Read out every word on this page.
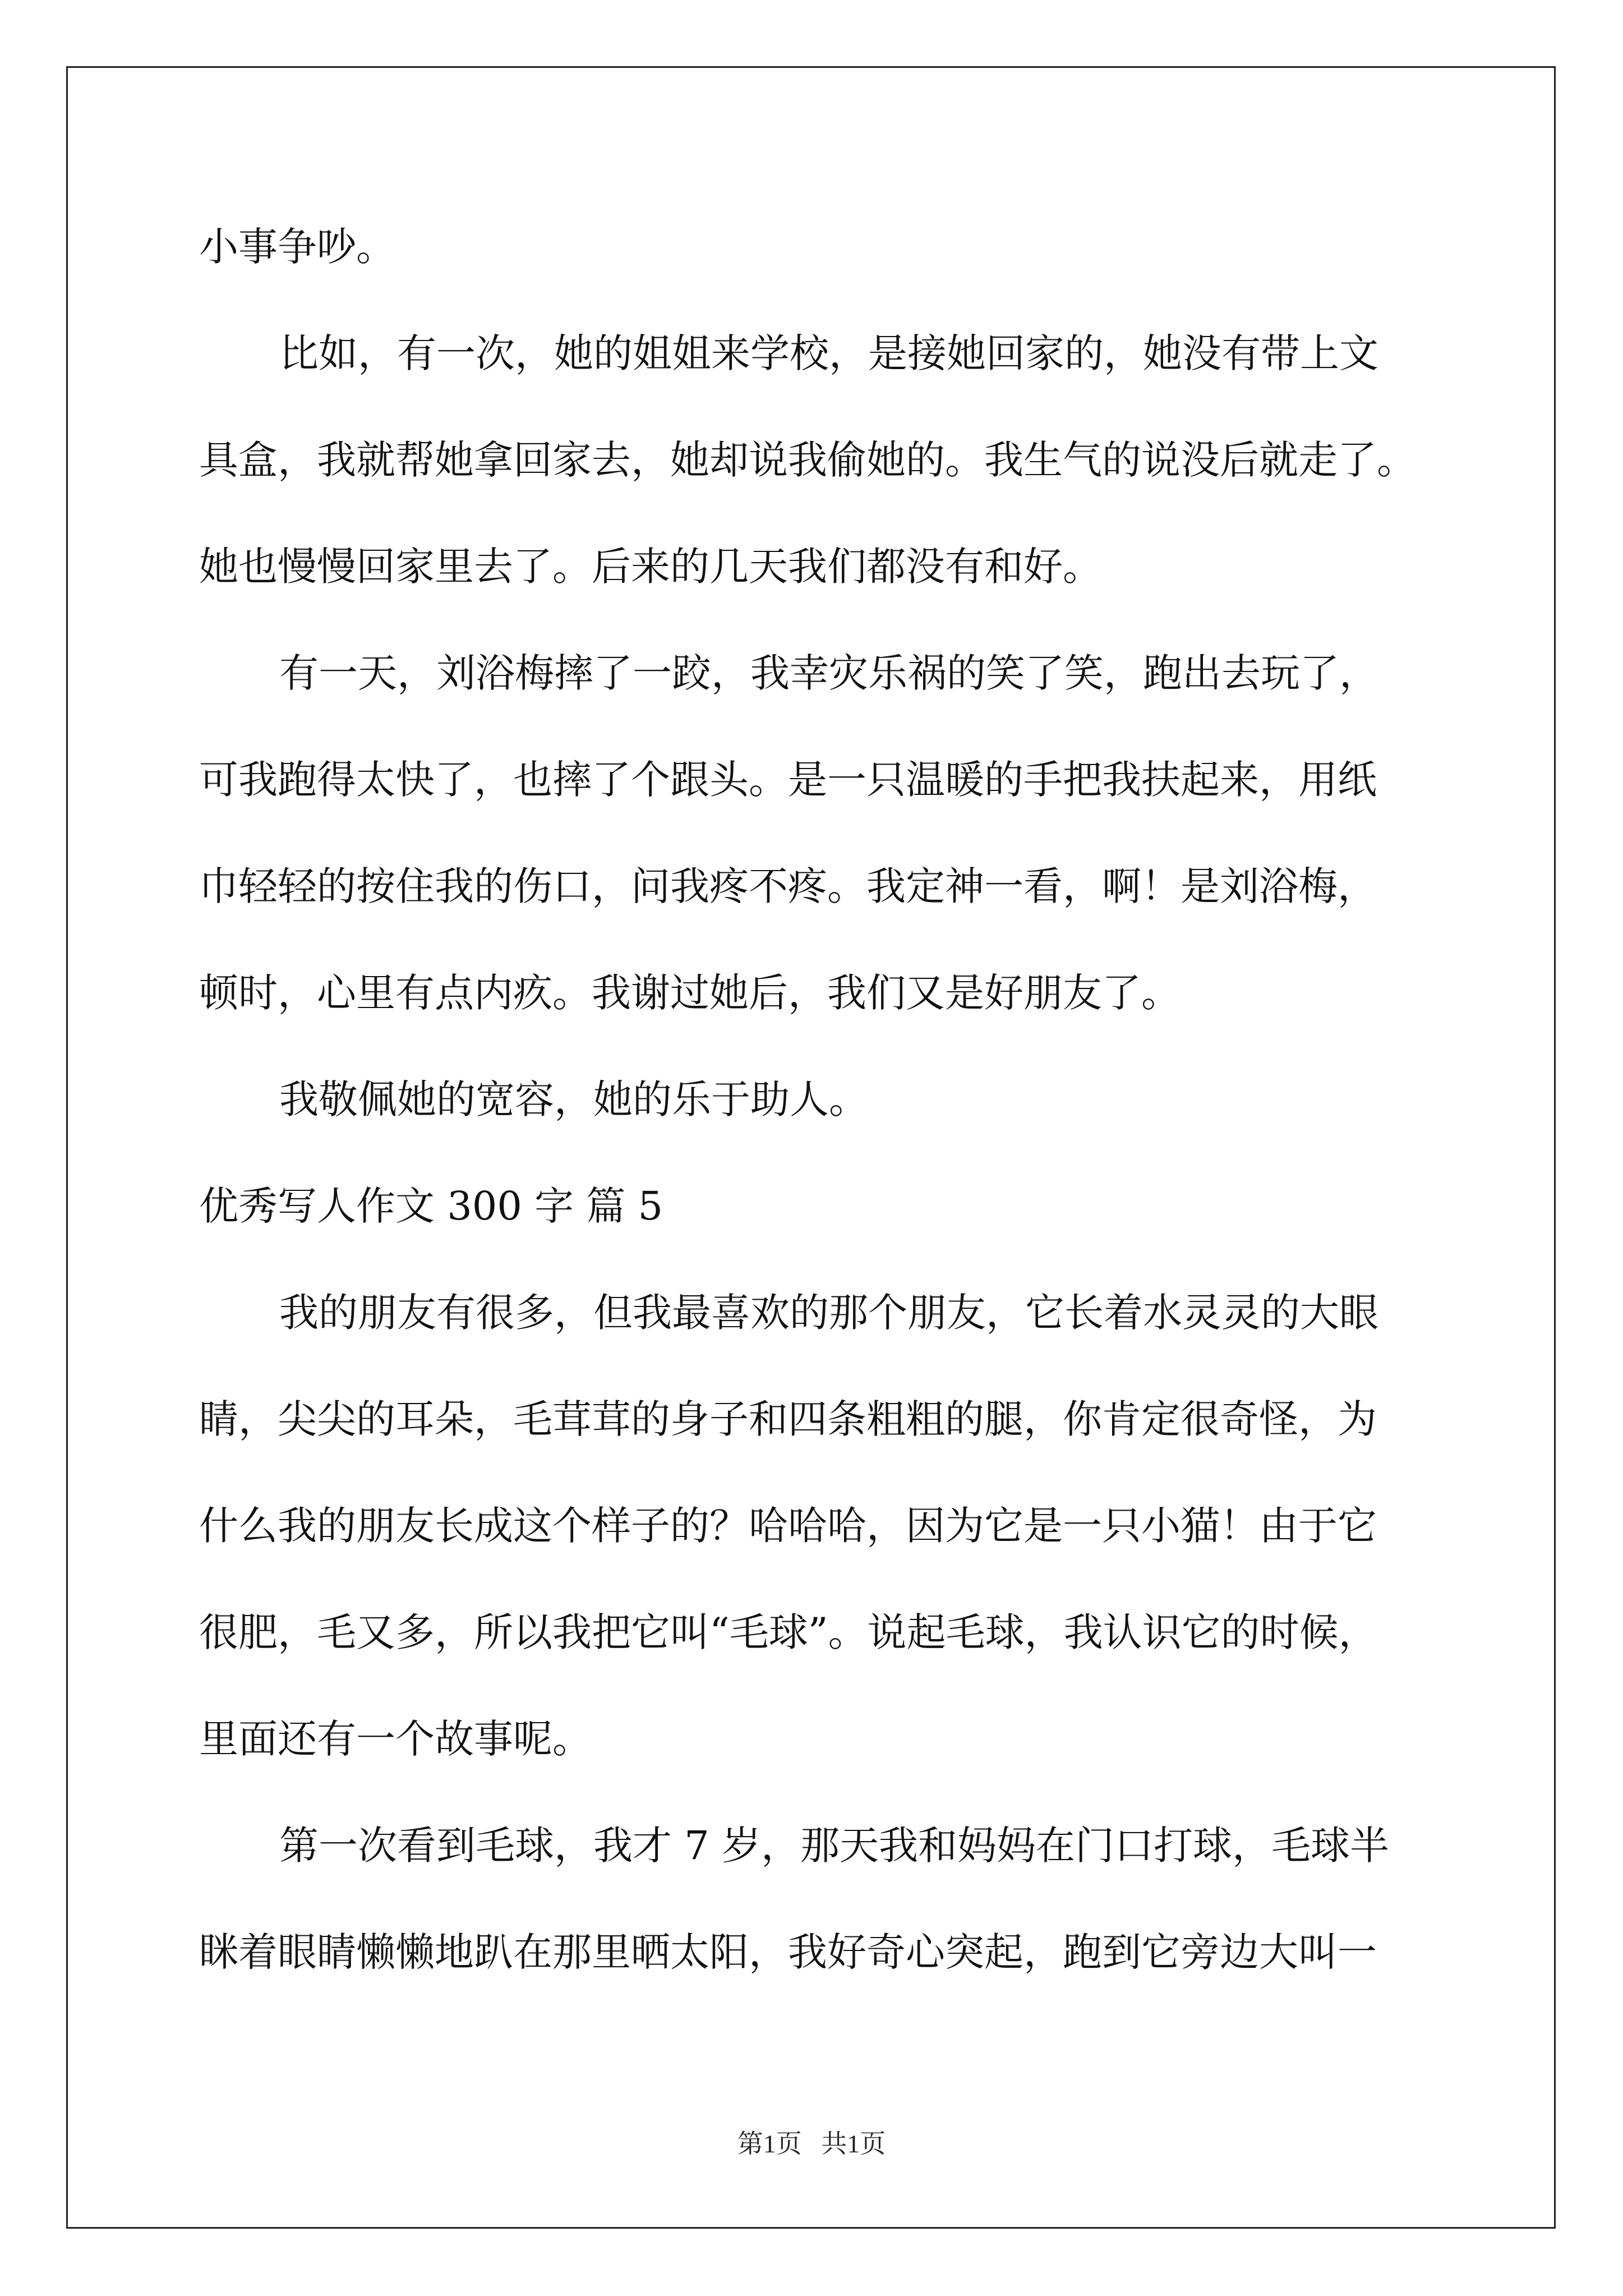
小事争吵。
比如，有一次，她的姐姐来学校，是接她回家的，她没有带上文
具盒，我就帮她拿回家去，她却说我偷她的。我生气的说没后就走了。
她也慢慢回家里去了。后来的几天我们都没有和好。
有一天，刘浴梅摔了一跤，我幸灾乐祸的笑了笑，跑出去玩了，
可我跑得太快了，也摔了个跟头。是一只温暖的手把我扶起来，用纸
巾轻轻的按住我的伤口，问我疼不疼。我定神一看，啊！是刘浴梅，
顿时，心里有点内疚。我谢过她后，我们又是好朋友了。
我敬佩她的宽容，她的乐于助人。
优秀写人作文 300 字 篇 5
我的朋友有很多，但我最喜欢的那个朋友，它长着水灵灵的大眼
睛，尖尖的耳朵，毛茸茸的身子和四条粗粗的腿，你肯定很奇怪，为
什么我的朋友长成这个样子的？哈哈哈，因为它是一只小猫！由于它
很肥，毛又多，所以我把它叫“毛球”。说起毛球，我认识它的时候，
里面还有一个故事呢。
第一次看到毛球，我才 7 岁，那天我和妈妈在门口打球，毛球半
眯着眼睛懒懒地趴在那里晒太阳，我好奇心突起，跑到它旁边大叫一
第1页   共1页
